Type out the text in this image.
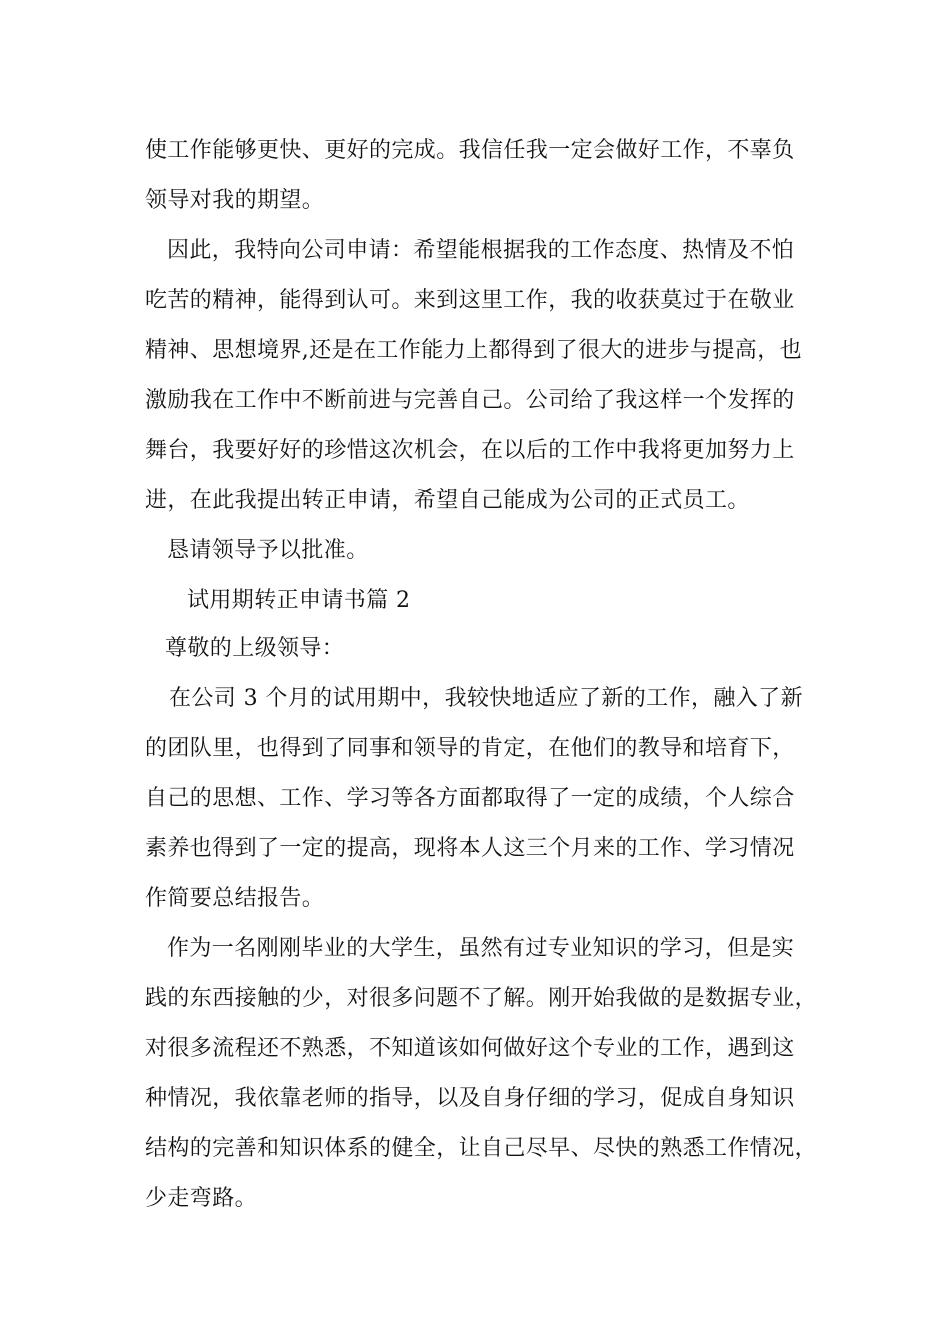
使工作能够更快、更好的完成。我信任我一定会做好工作，不辜负
领导对我的期望。
因此，我特向公司申请：希望能根据我的工作态度、热情及不怕
吃苦的精神，能得到认可。来到这里工作，我的收获莫过于在敬业
精神、思想境界,还是在工作能力上都得到了很大的进步与提高，也
激励我在工作中不断前进与完善自己。公司给了我这样一个发挥的
舞台，我要好好的珍惜这次机会，在以后的工作中我将更加努力上
进，在此我提出转正申请，希望自己能成为公司的正式员工。
恳请领导予以批准。
试用期转正申请书篇 2
尊敬的上级领导：
在公司 3 个月的试用期中，我较快地适应了新的工作，融入了新
的团队里，也得到了同事和领导的肯定，在他们的教导和培育下，
自己的思想、工作、学习等各方面都取得了一定的成绩，个人综合
素养也得到了一定的提高，现将本人这三个月来的工作、学习情况
作简要总结报告。
作为一名刚刚毕业的大学生，虽然有过专业知识的学习，但是实
践的东西接触的少，对很多问题不了解。刚开始我做的是数据专业，
对很多流程还不熟悉，不知道该如何做好这个专业的工作，遇到这
种情况，我依靠老师的指导，以及自身仔细的学习，促成自身知识
结构的完善和知识体系的健全，让自己尽早、尽快的熟悉工作情况，
少走弯路。
